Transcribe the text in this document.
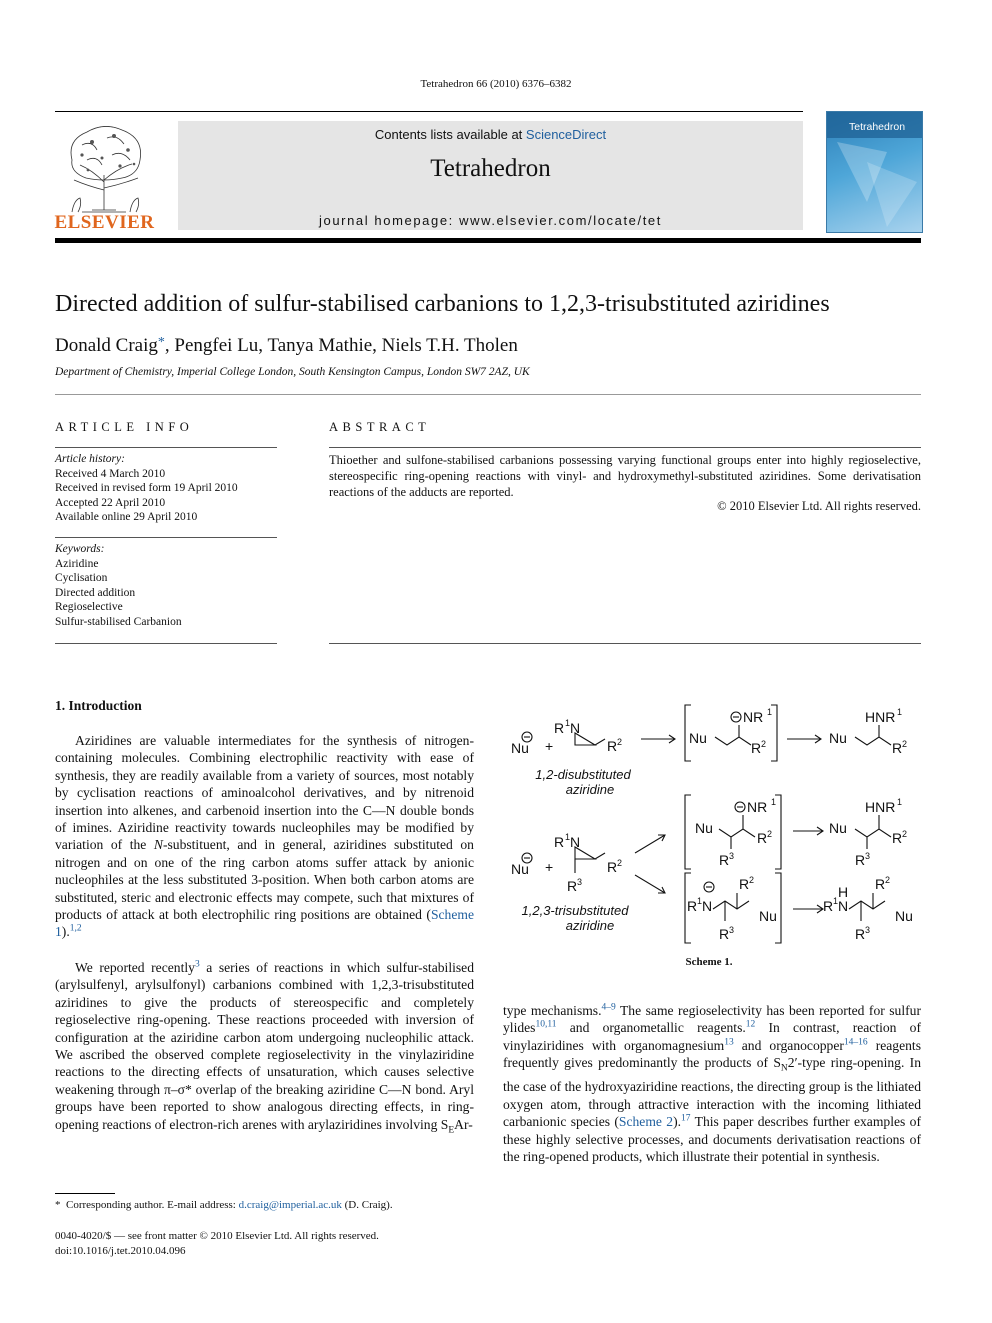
Tetrahedron 66 (2010) 6376–6382
ELSEVIER
Contents lists available at ScienceDirect
Tetrahedron
journal homepage: www.elsevier.com/locate/tet
Tetrahedron
Directed addition of sulfur-stabilised carbanions to 1,2,3-trisubstituted aziridines
Donald Craig*, Pengfei Lu, Tanya Mathie, Niels T.H. Tholen
Department of Chemistry, Imperial College London, South Kensington Campus, London SW7 2AZ, UK
ARTICLE INFO	ABSTRACT
Article history:
Received 4 March 2010
Received in revised form 19 April 2010
Accepted 22 April 2010
Available online 29 April 2010
Keywords:
Aziridine
Cyclisation
Directed addition
Regioselective
Sulfur-stabilised Carbanion
Thioether and sulfone-stabilised carbanions possessing varying functional groups enter into highly regioselective, stereospecific ring-opening reactions with vinyl- and hydroxymethyl-substituted aziridines. Some derivatisation reactions of the adducts are reported.
© 2010 Elsevier Ltd. All rights reserved.
1. Introduction
Aziridines are valuable intermediates for the synthesis of nitrogen-containing molecules. Combining electrophilic reactivity with ease of synthesis, they are readily available from a variety of sources, most notably by cyclisation reactions of aminoalcohol derivatives, and by nitrenoid insertion into alkenes, and carbenoid insertion into the C—N double bonds of imines. Aziridine reactivity towards nucleophiles may be modified by variation of the N-substituent, and in general, aziridines substituted on nitrogen and on one of the ring carbon atoms suffer attack by anionic nucleophiles at the less substituted 3-position. When both carbon atoms are substituted, steric and electronic effects may compete, such that mixtures of products of attack at both electrophilic ring positions are obtained (Scheme 1).$^{1,2}$
We reported recently$^3$ a series of reactions in which sulfur-stabilised (arylsulfenyl, arylsulfonyl) carbanions combined with 1,2,3-trisubstituted aziridines to give the products of stereospecific and completely regioselective ring-opening. These reactions proceeded with inversion of configuration at the aziridine carbon atom undergoing nucleophilic attack. We ascribed the observed complete regioselectivity in the vinylaziridine reactions to the directing effects of unsaturation, which causes selective weakening through π–σ* overlap of the breaking aziridine C—N bond. Aryl groups have been reported to show analogous directing effects, in ring-opening reactions of electron-rich arenes with arylaziridines involving $S_EAr-$
type mechanisms.$^{4-9}$ The same regioselectivity has been reported for sulfur ylides$^{10,11}$ and organometallic reagents.$^{12}$ In contrast, reaction of vinylaziridines with organomagnesium$^{13}$ and organocopper$^{14-16}$ reagents frequently gives predominantly the products of $S_N2'$-type ring-opening. In the case of the hydroxyaziridine reactions, the directing group is the lithiated oxygen atom, through attractive interaction with the incoming lithiated carbanionic species (Scheme 2).$^{17}$ This paper describes further examples of these highly selective processes, and documents derivatisation reactions of the ring-opened products, which illustrate their potential in synthesis.
Nu +
R 1 N
R 2
1,2-disubstituted
aziridine
Nu
NR 1
R 2	Nu
HNR 1
R 2
Nu +
R 1 N
R 2
R 3
1,2,3-trisubstituted
aziridine
Nu
NR 1
R 2
R 3
Nu
HNR 1
R 2
R 3
R 1 N
R 2
Nu
R 3
H
R 1 N
R 2
Nu
R 3
Scheme 1.
* Corresponding author. E-mail address: d.craig@imperial.ac.uk (D. Craig).
0040-4020/$ — see front matter © 2010 Elsevier Ltd. All rights reserved.
doi:10.1016/j.tet.2010.04.096
